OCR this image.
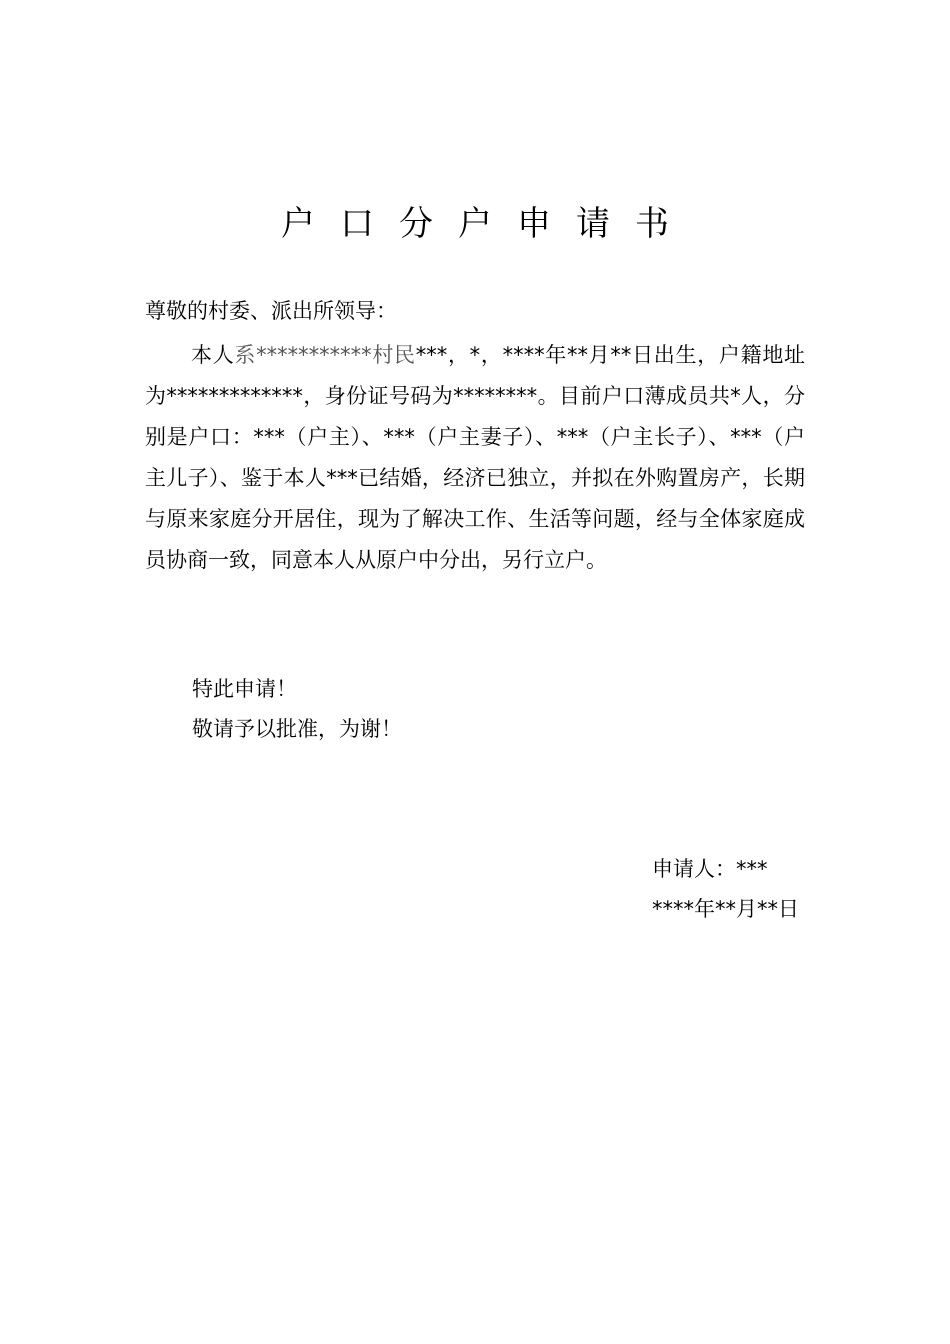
户口分户申请书
尊敬的村委、派出所领导：
本人系***********村民***，*，****年**月**日出生，户籍地址为*************，身份证号码为********。目前户口薄成员共*人，分别是户口：***（户主）、***（户主妻子）、***（户主长子）、***（户主儿子）、鉴于本人***已结婚，经济已独立，并拟在外购置房产，长期与原来家庭分开居住，现为了解决工作、生活等问题，经与全体家庭成员协商一致，同意本人从原户中分出，另行立户。
特此申请！
敬请予以批准，为谢！
申请人：***
****年**月**日
